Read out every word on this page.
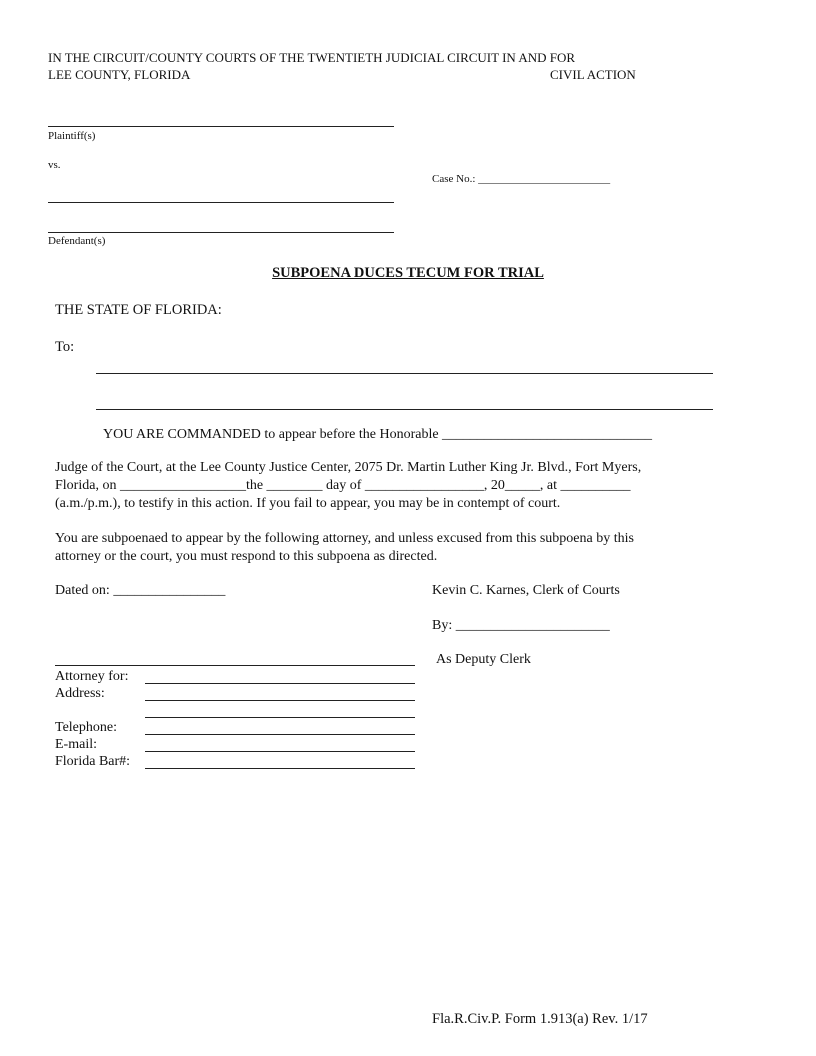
IN THE CIRCUIT/COUNTY COURTS OF THE TWENTIETH JUDICIAL CIRCUIT IN AND FOR
LEE COUNTY, FLORIDA	CIVIL ACTION
Plaintiff(s)
vs.
Case No.: ________________________
Defendant(s)
SUBPOENA DUCES TECUM FOR TRIAL
THE STATE OF FLORIDA:
To:
YOU ARE COMMANDED to appear before the Honorable ______________________________
Judge of the Court, at the Lee County Justice Center, 2075 Dr. Martin Luther King Jr. Blvd., Fort Myers,
Florida, on __________________the ________ day of _________________, 20_____, at __________
(a.m./p.m.), to testify in this action. If you fail to appear, you may be in contempt of court.
You are subpoenaed to appear by the following attorney, and unless excused from this subpoena by this
attorney or the court, you must respond to this subpoena as directed.
Dated on: ________________	Kevin C. Karnes, Clerk of Courts
By: ______________________
As Deputy Clerk
Attorney for:
Address:
Telephone:
E-mail:
Florida Bar#:
Fla.R.Civ.P. Form 1.913(a) Rev. 1/17
